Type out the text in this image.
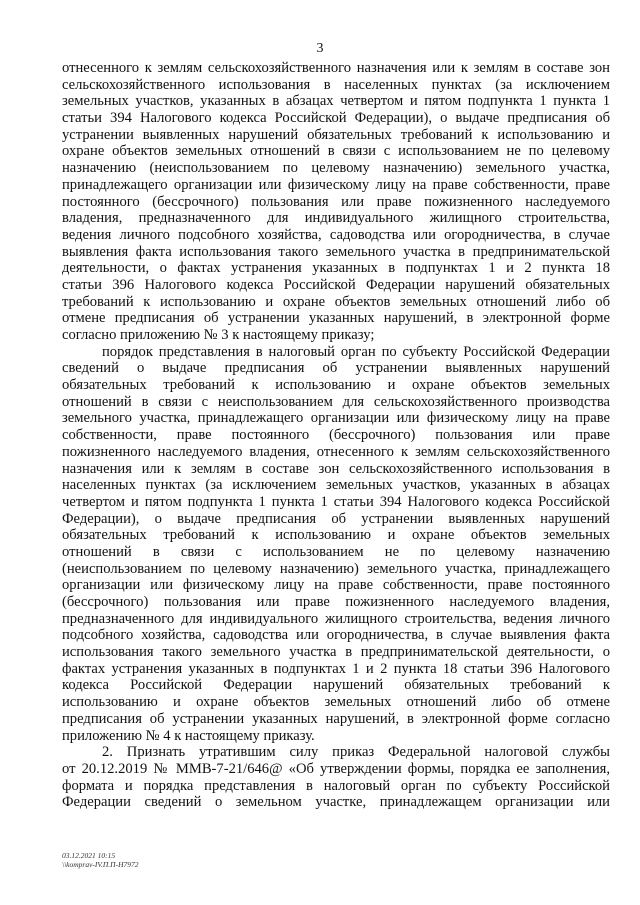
3

отнесенного к землям сельскохозяйственного назначения или к землям в составе зон
сельскохозяйственного использования в населенных пунктах (за исключением
земельных участков, указанных в абзацах четвертом и пятом подпункта 1 пункта 1
статьи 394 Налогового кодекса Российской Федерации), о выдаче предписания об
устранении выявленных нарушений обязательных требований к использованию и
охране объектов земельных отношений в связи с использованием не по целевому
назначению (неиспользованием по целевому назначению) земельного участка,
принадлежащего организации или физическому лицу на праве собственности, праве
постоянного (бессрочного) пользования или праве пожизненного наследуемого
владения, предназначенного для индивидуального жилищного строительства,
ведения личного подсобного хозяйства, садоводства или огородничества, в случае
выявления факта использования такого земельного участка в предпринимательской
деятельности, о фактах устранения указанных в подпунктах 1 и 2 пункта 18
статьи 396 Налогового кодекса Российской Федерации нарушений обязательных
требований к использованию и охране объектов земельных отношений либо об
отмене предписания об устранении указанных нарушений, в электронной форме
согласно приложению № 3 к настоящему приказу;

порядок представления в налоговый орган по субъекту Российской Федерации
сведений о выдаче предписания об устранении выявленных нарушений
обязательных требований к использованию и охране объектов земельных
отношений в связи с неиспользованием для сельскохозяйственного производства
земельного участка, принадлежащего организации или физическому лицу на праве
собственности, праве постоянного (бессрочного) пользования или праве
пожизненного наследуемого владения, отнесенного к землям сельскохозяйственного
назначения или к землям в составе зон сельскохозяйственного использования в
населенных пунктах (за исключением земельных участков, указанных в абзацах
четвертом и пятом подпункта 1 пункта 1 статьи 394 Налогового кодекса Российской
Федерации), о выдаче предписания об устранении выявленных нарушений
обязательных требований к использованию и охране объектов земельных
отношений в связи с использованием не по целевому назначению
(неиспользованием по целевому назначению) земельного участка, принадлежащего
организации или физическому лицу на праве собственности, праве постоянного
(бессрочного) пользования или праве пожизненного наследуемого владения,
предназначенного для индивидуального жилищного строительства, ведения личного
подсобного хозяйства, садоводства или огородничества, в случае выявления факта
использования такого земельного участка в предпринимательской деятельности, о
фактах устранения указанных в подпунктах 1 и 2 пункта 18 статьи 396 Налогового
кодекса Российской Федерации нарушений обязательных требований к
использованию и охране объектов земельных отношений либо об отмене
предписания об устранении указанных нарушений, в электронной форме согласно
приложению № 4 к настоящему приказу.

2. Признать утратившим силу приказ Федеральной налоговой службы
от 20.12.2019 № ММВ-7-21/646@ «Об утверждении формы, порядка ее заполнения,
формата и порядка представления в налоговый орган по субъекту Российской
Федерации сведений о земельном участке, принадлежащем организации или

03.12.2021 10:15
\\komprav-IV.П.П-Н7972
